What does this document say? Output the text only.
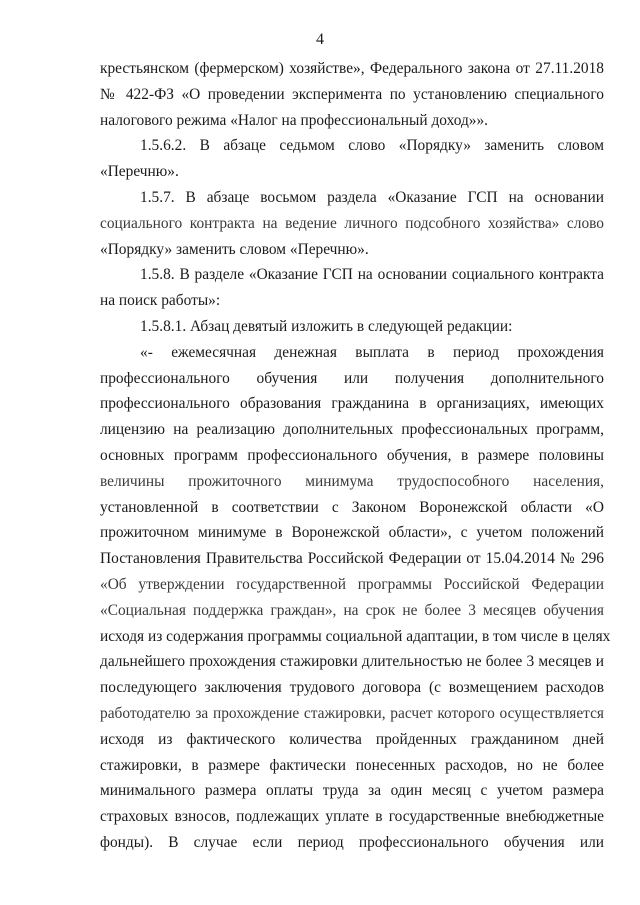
4
крестьянском (фермерском) хозяйстве», Федерального закона от 27.11.2018
№ 422-ФЗ «О проведении эксперимента по установлению специального
налогового режима «Налог на профессиональный доход»».
1.5.6.2. В абзаце седьмом слово «Порядку» заменить словом
«Перечню».
1.5.7. В абзаце восьмом раздела «Оказание ГСП на основании
социального контракта на ведение личного подсобного хозяйства» слово
«Порядку» заменить словом «Перечню».
1.5.8. В разделе «Оказание ГСП на основании социального контракта
на поиск работы»:
1.5.8.1. Абзац девятый изложить в следующей редакции:
«- ежемесячная денежная выплата в период прохождения
профессионального обучения или получения дополнительного
профессионального образования гражданина в организациях, имеющих
лицензию на реализацию дополнительных профессиональных программ,
основных программ профессионального обучения, в размере половины
величины прожиточного минимума трудоспособного населения,
установленной в соответствии с Законом Воронежской области «О
прожиточном минимуме в Воронежской области», с учетом положений
Постановления Правительства Российской Федерации от 15.04.2014 № 296
«Об утверждении государственной программы Российской Федерации
«Социальная поддержка граждан», на срок не более 3 месяцев обучения
исходя из содержания программы социальной адаптации, в том числе в целях
дальнейшего прохождения стажировки длительностью не более 3 месяцев и
последующего заключения трудового договора (с возмещением расходов
работодателю за прохождение стажировки, расчет которого осуществляется
исходя из фактического количества пройденных гражданином дней
стажировки, в размере фактически понесенных расходов, но не более
минимального размера оплаты труда за один месяц с учетом размера
страховых взносов, подлежащих уплате в государственные внебюджетные
фонды). В случае если период профессионального обучения или
